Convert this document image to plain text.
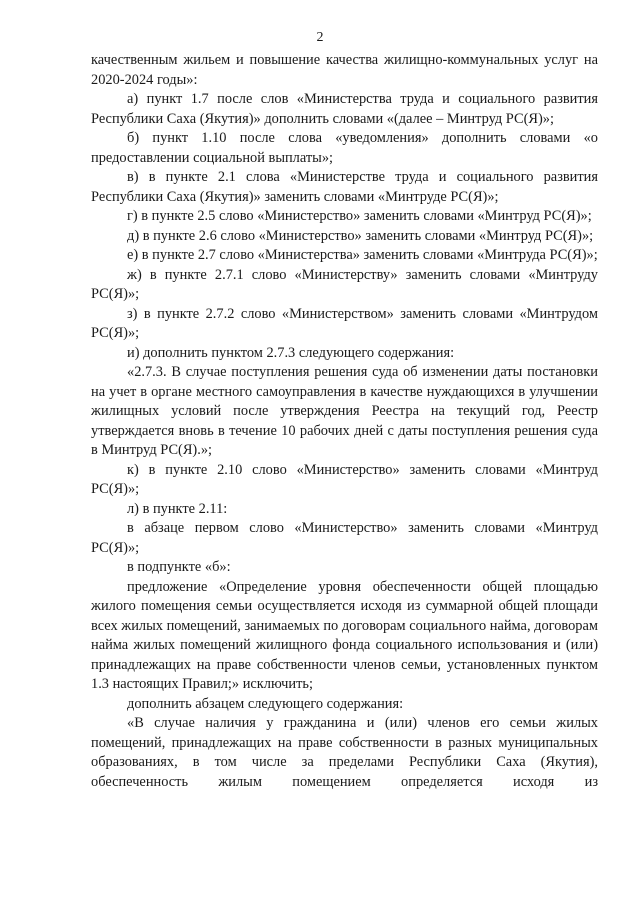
2

качественным жильем и повышение качества жилищно-коммунальных услуг на 2020-2024 годы»:

а) пункт 1.7 после слов «Министерства труда и социального развития Республики Саха (Якутия)» дополнить словами «(далее – Минтруд РС(Я)»;

б) пункт 1.10 после слова «уведомления» дополнить словами «о предоставлении социальной выплаты»;

в) в пункте 2.1 слова «Министерстве труда и социального развития Республики Саха (Якутия)» заменить словами «Минтруде РС(Я)»;

г) в пункте 2.5 слово «Министерство» заменить словами «Минтруд РС(Я)»;

д) в пункте 2.6 слово «Министерство» заменить словами «Минтруд РС(Я)»;

е) в пункте 2.7 слово «Министерства» заменить словами «Минтруда РС(Я)»;

ж) в пункте 2.7.1 слово «Министерству» заменить словами «Минтруду РС(Я)»;

з) в пункте 2.7.2 слово «Министерством» заменить словами «Минтрудом РС(Я)»;

и) дополнить пунктом 2.7.3 следующего содержания:

«2.7.3. В случае поступления решения суда об изменении даты постановки на учет в органе местного самоуправления в качестве нуждающихся в улучшении жилищных условий после утверждения Реестра на текущий год, Реестр утверждается вновь в течение 10 рабочих дней с даты поступления решения суда в Минтруд РС(Я).»;

к) в пункте 2.10 слово «Министерство» заменить словами «Минтруд РС(Я)»;

л) в пункте 2.11:

в абзаце первом слово «Министерство» заменить словами «Минтруд РС(Я)»;

в подпункте «б»:

предложение «Определение уровня обеспеченности общей площадью жилого помещения семьи осуществляется исходя из суммарной общей площади всех жилых помещений, занимаемых по договорам социального найма, договорам найма жилых помещений жилищного фонда социального использования и (или) принадлежащих на праве собственности членов семьи, установленных пунктом 1.3 настоящих Правил;» исключить;

дополнить абзацем следующего содержания:

«В случае наличия у гражданина и (или) членов его семьи жилых помещений, принадлежащих на праве собственности в разных муниципальных образованиях, в том числе за пределами Республики Саха (Якутия), обеспеченность жилым помещением определяется исходя из
